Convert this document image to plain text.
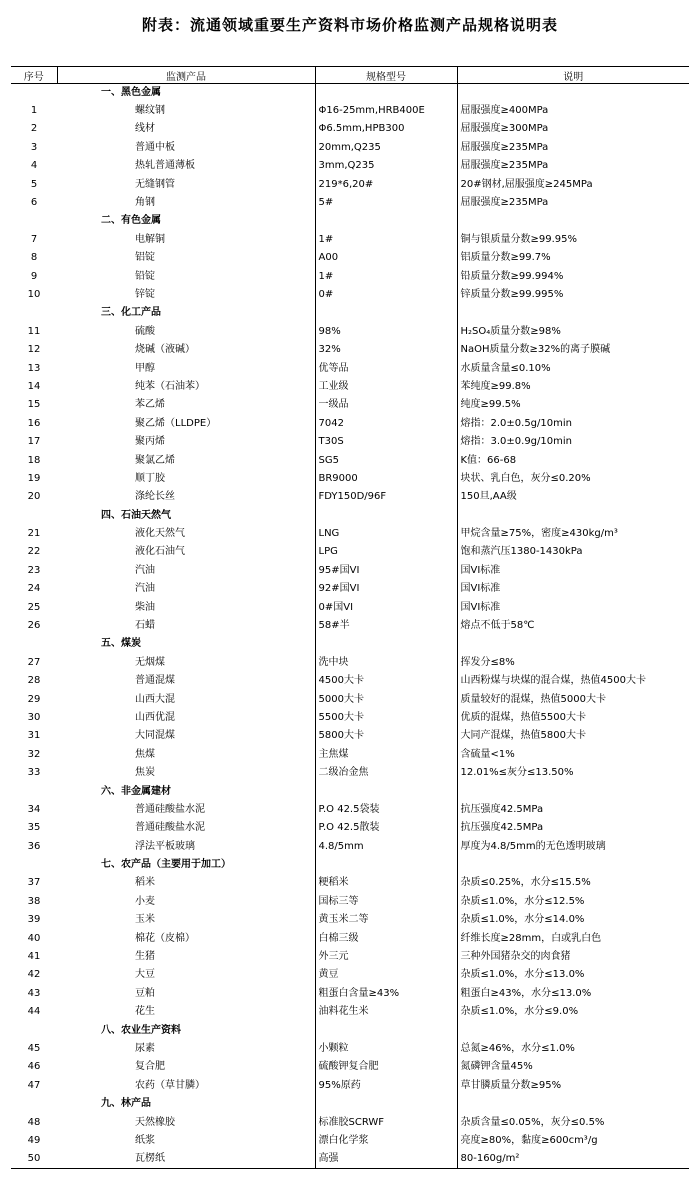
附表：流通领域重要生产资料市场价格监测产品规格说明表
序号	监测产品	规格型号	说明
	一、黑色金属		
1	螺纹钢	Φ16-25mm,HRB400E	屈服强度≥400MPa
2	线材	Φ6.5mm,HPB300	屈服强度≥300MPa
3	普通中板	20mm,Q235	屈服强度≥235MPa
4	热轧普通薄板	3mm,Q235	屈服强度≥235MPa
5	无缝钢管	219*6,20#	20#钢材,屈服强度≥245MPa
6	角钢	5#	屈服强度≥235MPa
	二、有色金属		
7	电解铜	1#	铜与银质量分数≥99.95%
8	铝锭	A00	铝质量分数≥99.7%
9	铅锭	1#	铅质量分数≥99.994%
10	锌锭	0#	锌质量分数≥99.995%
	三、化工产品		
11	硫酸	98%	H₂SO₄质量分数≥98%
12	烧碱（液碱）	32%	NaOH质量分数≥32%的离子膜碱
13	甲醇	优等品	水质量含量≤0.10%
14	纯苯（石油苯）	工业级	苯纯度≥99.8%
15	苯乙烯	一级品	纯度≥99.5%
16	聚乙烯（LLDPE）	7042	熔指：2.0±0.5g/10min
17	聚丙烯	T30S	熔指：3.0±0.9g/10min
18	聚氯乙烯	SG5	K值：66-68
19	顺丁胶	BR9000	块状、乳白色，灰分≤0.20%
20	涤纶长丝	FDY150D/96F	150旦,AA级
	四、石油天然气		
21	液化天然气	LNG	甲烷含量≥75%，密度≥430kg/m³
22	液化石油气	LPG	饱和蒸汽压1380-1430kPa
23	汽油	95#国VI	国VI标准
24	汽油	92#国VI	国VI标准
25	柴油	0#国VI	国VI标准
26	石蜡	58#半	熔点不低于58℃
	五、煤炭		
27	无烟煤	洗中块	挥发分≤8%
28	普通混煤	4500大卡	山西粉煤与块煤的混合煤，热值4500大卡
29	山西大混	5000大卡	质量较好的混煤，热值5000大卡
30	山西优混	5500大卡	优质的混煤，热值5500大卡
31	大同混煤	5800大卡	大同产混煤，热值5800大卡
32	焦煤	主焦煤	含硫量<1%
33	焦炭	二级冶金焦	12.01%≤灰分≤13.50%
	六、非金属建材		
34	普通硅酸盐水泥	P.O 42.5袋装	抗压强度42.5MPa
35	普通硅酸盐水泥	P.O 42.5散装	抗压强度42.5MPa
36	浮法平板玻璃	4.8/5mm	厚度为4.8/5mm的无色透明玻璃
	七、农产品（主要用于加工）		
37	稻米	粳稻米	杂质≤0.25%，水分≤15.5%
38	小麦	国标三等	杂质≤1.0%，水分≤12.5%
39	玉米	黄玉米二等	杂质≤1.0%，水分≤14.0%
40	棉花（皮棉）	白棉三级	纤维长度≥28mm，白或乳白色
41	生猪	外三元	三种外国猪杂交的肉食猪
42	大豆	黄豆	杂质≤1.0%，水分≤13.0%
43	豆粕	粗蛋白含量≥43%	粗蛋白≥43%，水分≤13.0%
44	花生	油料花生米	杂质≤1.0%，水分≤9.0%
	八、农业生产资料		
45	尿素	小颗粒	总氮≥46%，水分≤1.0%
46	复合肥	硫酸钾复合肥	氮磷钾含量45%
47	农药（草甘膦）	95%原药	草甘膦质量分数≥95%
	九、林产品		
48	天然橡胶	标准胶SCRWF	杂质含量≤0.05%，灰分≤0.5%
49	纸浆	漂白化学浆	亮度≥80%，黏度≥600cm³/g
50	瓦楞纸	高强	80-160g/m²
